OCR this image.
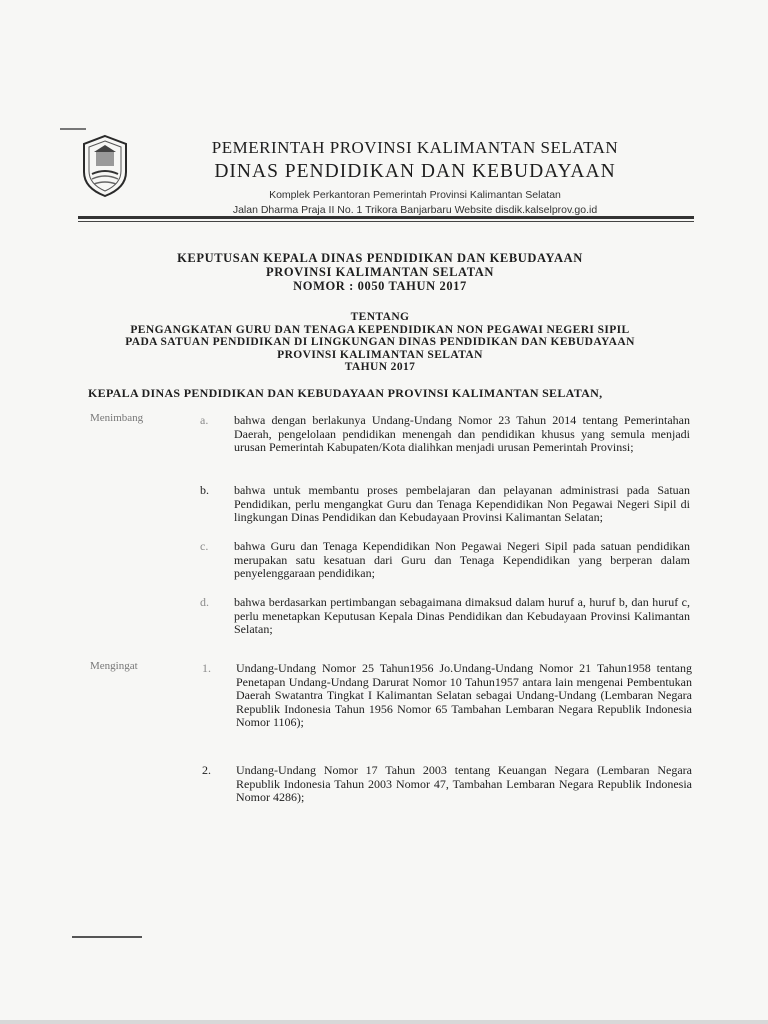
PEMERINTAH PROVINSI KALIMANTAN SELATAN
DINAS PENDIDIKAN DAN KEBUDAYAAN
Komplek Perkantoran Pemerintah Provinsi Kalimantan Selatan
Jalan Dharma Praja II No. 1 Trikora Banjarbaru Website disdik.kalselprov.go.id
KEPUTUSAN KEPALA DINAS PENDIDIKAN DAN KEBUDAYAAN
PROVINSI KALIMANTAN SELATAN
NOMOR : 0050 TAHUN 2017
TENTANG
PENGANGKATAN GURU DAN TENAGA KEPENDIDIKAN NON PEGAWAI NEGERI SIPIL
PADA SATUAN PENDIDIKAN DI LINGKUNGAN DINAS PENDIDIKAN DAN KEBUDAYAAN
PROVINSI KALIMANTAN SELATAN
TAHUN 2017
KEPALA DINAS PENDIDIKAN DAN KEBUDAYAAN PROVINSI KALIMANTAN SELATAN,
Menimbang	a.	bahwa dengan berlakunya Undang-Undang Nomor 23 Tahun 2014 tentang Pemerintahan Daerah, pengelolaan pendidikan menengah dan pendidikan khusus yang semula menjadi urusan Pemerintah Kabupaten/Kota dialihkan menjadi urusan Pemerintah Provinsi;
b.	bahwa untuk membantu proses pembelajaran dan pelayanan administrasi pada Satuan Pendidikan, perlu mengangkat Guru dan Tenaga Kependidikan Non Pegawai Negeri Sipil di lingkungan Dinas Pendidikan dan Kebudayaan Provinsi Kalimantan Selatan;
c.	bahwa Guru dan Tenaga Kependidikan Non Pegawai Negeri Sipil pada satuan pendidikan merupakan satu kesatuan dari Guru dan Tenaga Kependidikan yang berperan dalam penyelenggaraan pendidikan;
d.	bahwa berdasarkan pertimbangan sebagaimana dimaksud dalam huruf a, huruf b, dan huruf c, perlu menetapkan Keputusan Kepala Dinas Pendidikan dan Kebudayaan Provinsi Kalimantan Selatan;
Mengingat	1.	Undang-Undang Nomor 25 Tahun1956 Jo.Undang-Undang Nomor 21 Tahun1958 tentang Penetapan Undang-Undang Darurat Nomor 10 Tahun1957 antara lain mengenai Pembentukan Daerah Swatantra Tingkat I Kalimantan Selatan sebagai Undang-Undang (Lembaran Negara Republik Indonesia Tahun 1956 Nomor 65 Tambahan Lembaran Negara Republik Indonesia Nomor 1106);
2.	Undang-Undang Nomor 17 Tahun 2003 tentang Keuangan Negara (Lembaran Negara Republik Indonesia Tahun 2003 Nomor 47, Tambahan Lembaran Negara Republik Indonesia Nomor 4286);
